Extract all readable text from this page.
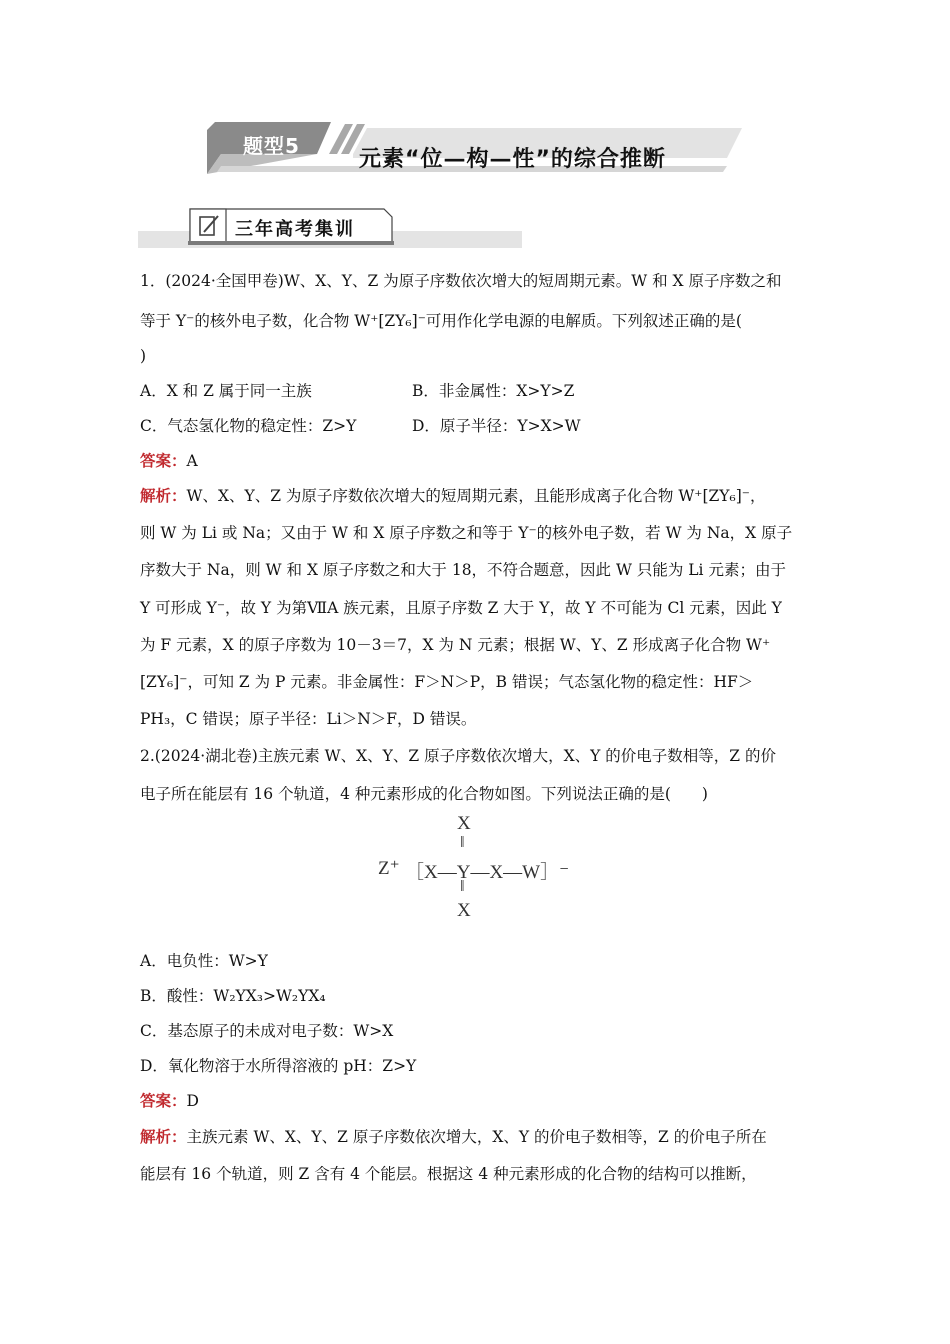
题型5
元素“位—构—性”的综合推断
三年高考集训
1．(2024·全国甲卷)W、X、Y、Z 为原子序数依次增大的短周期元素。W 和 X 原子序数之和
等于 Y⁻的核外电子数，化合物 W⁺[ZY₆]⁻可用作化学电源的电解质。下列叙述正确的是(
)
A．X 和 Z 属于同一主族	B．非金属性：X>Y>Z
C．气态氢化物的稳定性：Z>Y	D．原子半径：Y>X>W
答案：A
解析：W、X、Y、Z 为原子序数依次增大的短周期元素，且能形成离子化合物 W⁺[ZY₆]⁻，
则 W 为 Li 或 Na；又由于 W 和 X 原子序数之和等于 Y⁻的核外电子数，若 W 为 Na，X 原子
序数大于 Na，则 W 和 X 原子序数之和大于 18，不符合题意，因此 W 只能为 Li 元素；由于
Y 可形成 Y⁻，故 Y 为第ⅦA 族元素，且原子序数 Z 大于 Y，故 Y 不可能为 Cl 元素，因此 Y
为 F 元素，X 的原子序数为 10－3＝7，X 为 N 元素；根据 W、Y、Z 形成离子化合物 W⁺
[ZY₆]⁻，可知 Z 为 P 元素。非金属性：F＞N＞P，B 错误；气态氢化物的稳定性：HF＞
PH₃，C 错误；原子半径：Li＞N＞F，D 错误。
2.(2024·湖北卷)主族元素 W、X、Y、Z 原子序数依次增大，X、Y 的价电子数相等，Z 的价
电子所在能层有 16 个轨道，4 种元素形成的化合物如图。下列说法正确的是(　　)
X
‖
Z⁺ ［X—Y—X—W］⁻
‖
X
A．电负性：W>Y
B．酸性：W₂YX₃>W₂YX₄
C．基态原子的未成对电子数：W>X
D．氧化物溶于水所得溶液的 pH：Z>Y
答案：D
解析：主族元素 W、X、Y、Z 原子序数依次增大，X、Y 的价电子数相等，Z 的价电子所在
能层有 16 个轨道，则 Z 含有 4 个能层。根据这 4 种元素形成的化合物的结构可以推断，
